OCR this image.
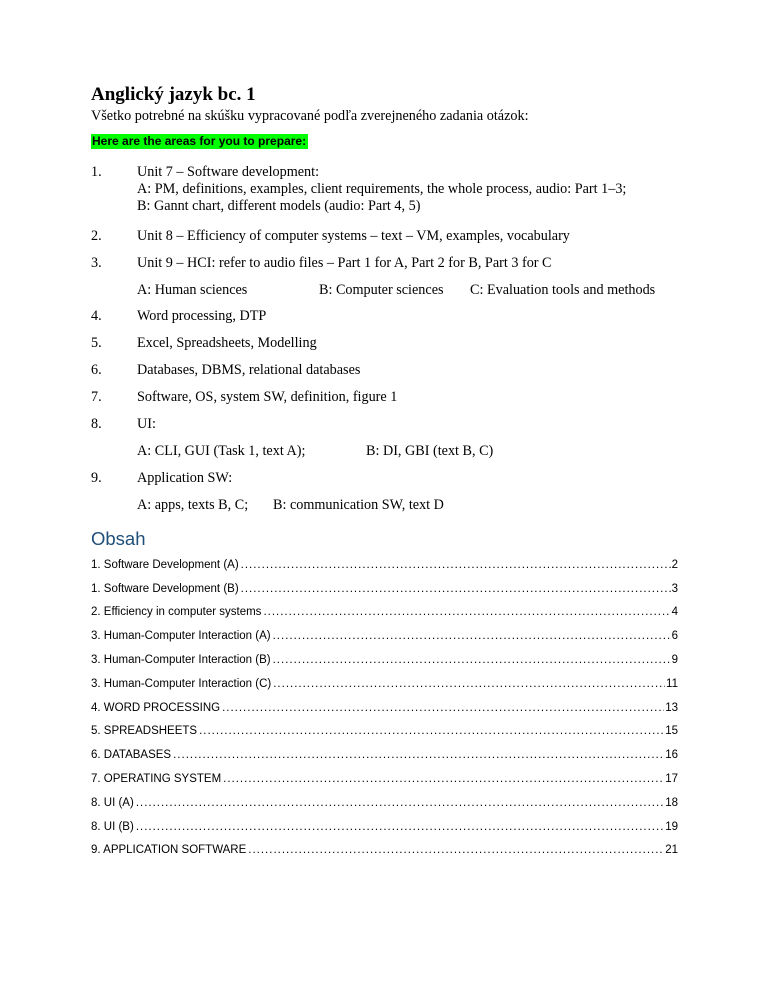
Anglický jazyk bc. 1
Všetko potrebné na skúšku vypracované podľa zverejneného zadania otázok:
Here are the areas for you to prepare:
1. Unit 7 – Software development:
A: PM, definitions, examples, client requirements, the whole process, audio: Part 1–3;
B: Gannt chart, different models (audio: Part 4, 5)
2. Unit 8 – Efficiency of computer systems – text – VM, examples, vocabulary
3. Unit 9 – HCI: refer to audio files – Part 1 for A, Part 2 for B, Part 3 for C
A: Human sciences	B: Computer sciences C: Evaluation tools and methods
4. Word processing, DTP
5. Excel, Spreadsheets, Modelling
6. Databases, DBMS, relational databases
7. Software, OS, system SW, definition, figure 1
8. UI:
A: CLI, GUI (Task 1, text A);	B: DI, GBI (text B, C)
9. Application SW:
A: apps, texts B, C; B: communication SW, text D
Obsah
1. Software Development (A) .....	2
1. Software Development (B) .....	3
2. Efficiency in computer systems .....	4
3. Human-Computer Interaction (A) .....	6
3. Human-Computer Interaction (B) .....	9
3. Human-Computer Interaction (C) .....	11
4. WORD PROCESSING .....	13
5. SPREADSHEETS .....	15
6. DATABASES .....	16
7. OPERATING SYSTEM .....	17
8. UI (A) .....	18
8. UI (B) .....	19
9. APPLICATION SOFTWARE .....	21
